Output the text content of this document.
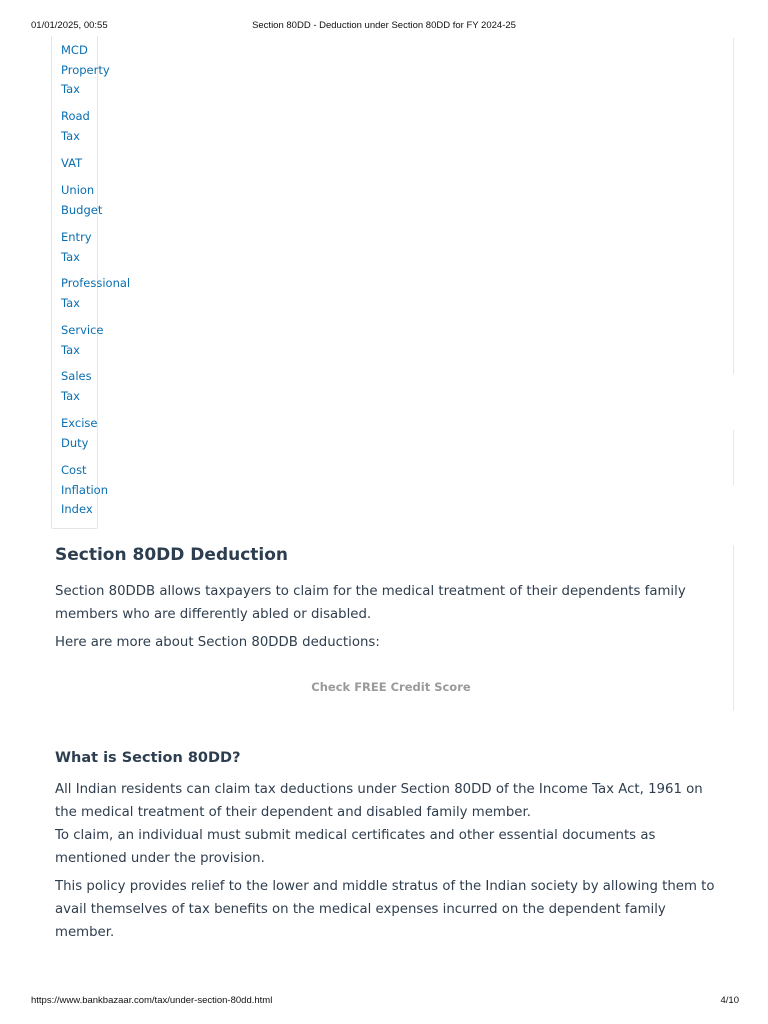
01/01/2025, 00:55	Section 80DD - Deduction under Section 80DD for FY 2024-25
MCD
Property
Tax
Road
Tax
VAT
Union
Budget
Entry
Tax
Professional
Tax
Service
Tax
Sales
Tax
Excise
Duty
Cost
Inflation
Index
Section 80DD Deduction

Section 80DDB allows taxpayers to claim for the medical treatment of their dependents family members who are differently abled or disabled.

Here are more about Section 80DDB deductions:

Check FREE Credit Score
What is Section 80DD?

All Indian residents can claim tax deductions under Section 80DD of the Income Tax Act, 1961 on the medical treatment of their dependent and disabled family member.

To claim, an individual must submit medical certificates and other essential documents as mentioned under the provision.

This policy provides relief to the lower and middle stratus of the Indian society by allowing them to avail themselves of tax benefits on the medical expenses incurred on the dependent family member.

https://www.bankbazaar.com/tax/under-section-80dd.html	4/10
